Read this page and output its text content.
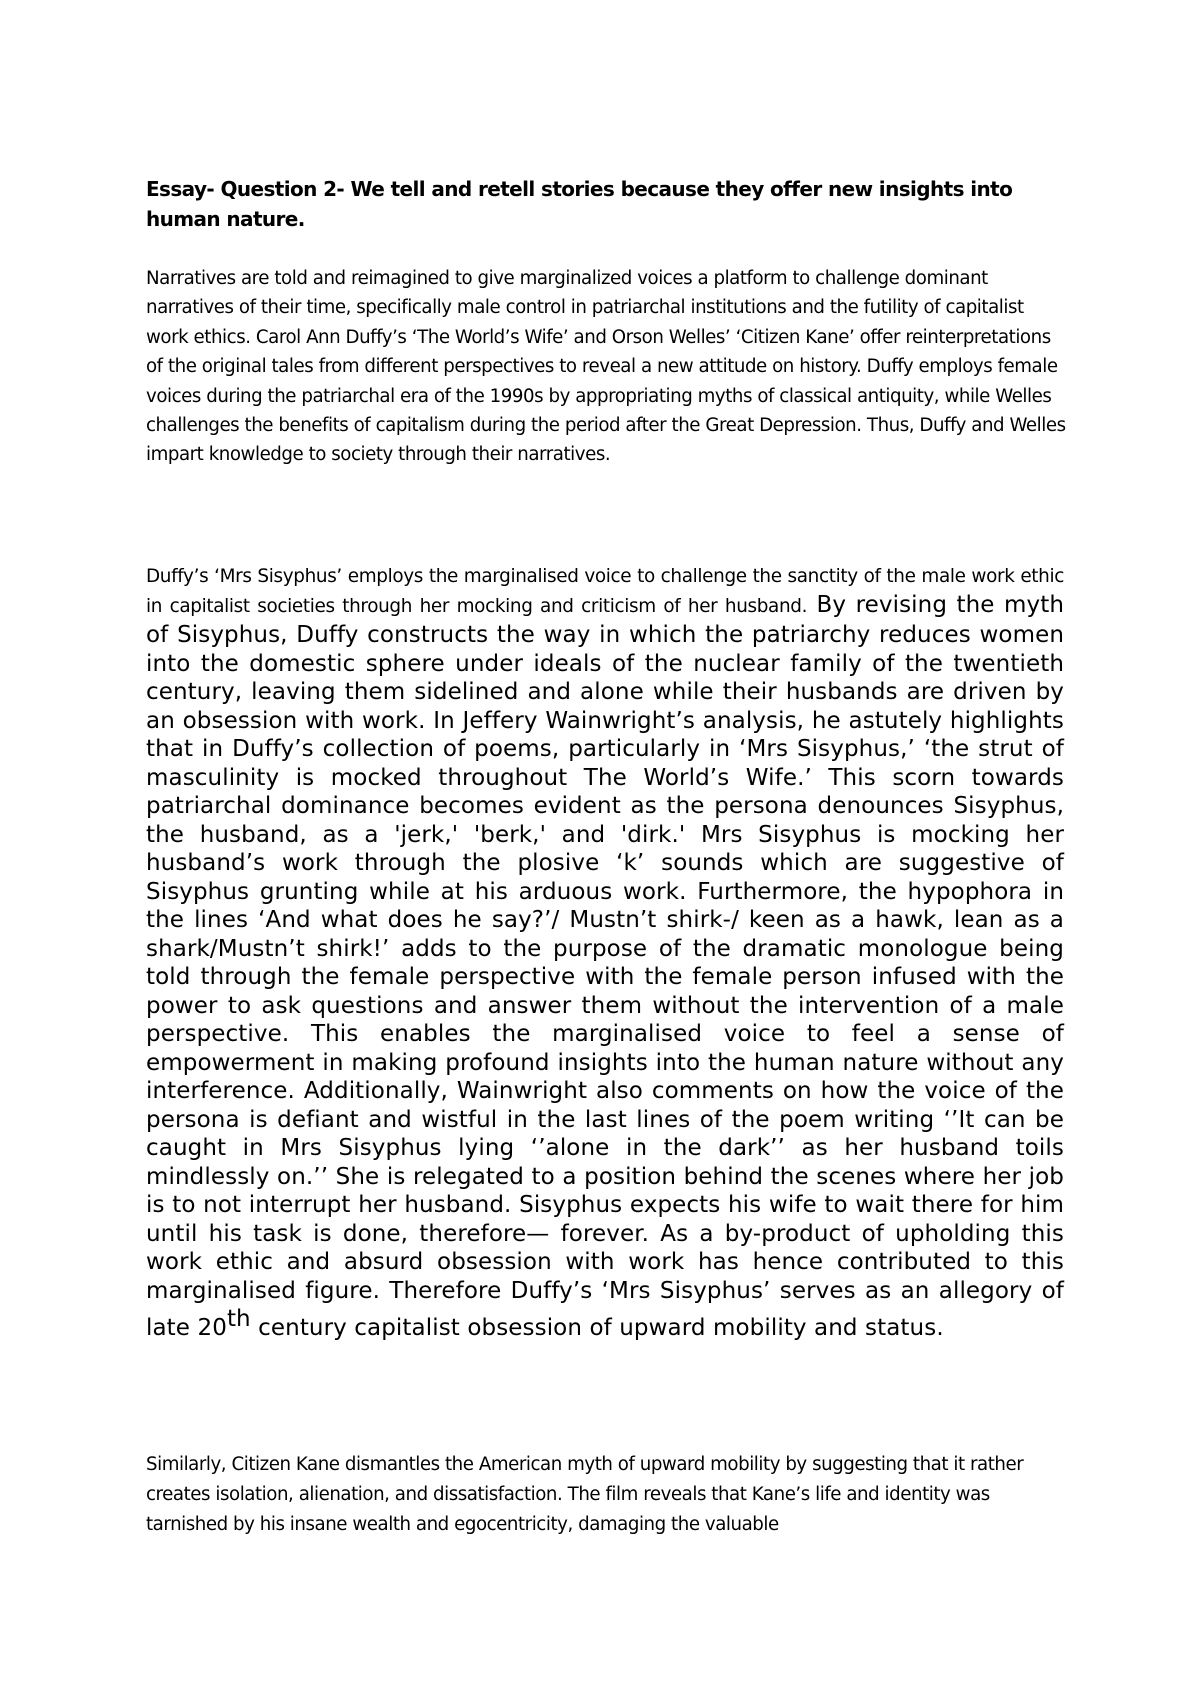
Essay- Question 2- We tell and retell stories because they offer new insights into human nature.

Narratives are told and reimagined to give marginalized voices a platform to challenge dominant narratives of their time, specifically male control in patriarchal institutions and the futility of capitalist work ethics. Carol Ann Duffy’s ‘The World’s Wife’ and Orson Welles’ ‘Citizen Kane’ offer reinterpretations of the original tales from different perspectives to reveal a new attitude on history. Duffy employs female voices during the patriarchal era of the 1990s by appropriating myths of classical antiquity, while Welles challenges the benefits of capitalism during the period after the Great Depression. Thus, Duffy and Welles impart knowledge to society through their narratives.

Duffy’s ‘Mrs Sisyphus’ employs the marginalised voice to challenge the sanctity of the male work ethic in capitalist societies through her mocking and criticism of her husband. By revising the myth of Sisyphus, Duffy constructs the way in which the patriarchy reduces women into the domestic sphere under ideals of the nuclear family of the twentieth century, leaving them sidelined and alone while their husbands are driven by an obsession with work. In Jeffery Wainwright’s analysis, he astutely highlights that in Duffy’s collection of poems, particularly in ‘Mrs Sisyphus,’ ‘the strut of masculinity is mocked throughout The World’s Wife.’ This scorn towards patriarchal dominance becomes evident as the persona denounces Sisyphus, the husband, as a 'jerk,' 'berk,' and 'dirk.' Mrs Sisyphus is mocking her husband’s work through the plosive ‘k’ sounds which are suggestive of Sisyphus grunting while at his arduous work. Furthermore, the hypophora in the lines ‘And what does he say?’/ Mustn’t shirk-/ keen as a hawk, lean as a shark/Mustn’t shirk!’ adds to the purpose of the dramatic monologue being told through the female perspective with the female person infused with the power to ask questions and answer them without the intervention of a male perspective. This enables the marginalised voice to feel a sense of empowerment in making profound insights into the human nature without any interference. Additionally, Wainwright also comments on how the voice of the persona is defiant and wistful in the last lines of the poem writing ‘’It can be caught in Mrs Sisyphus lying ‘’alone in the dark’’ as her husband toils mindlessly on.’’ She is relegated to a position behind the scenes where her job is to not interrupt her husband. Sisyphus expects his wife to wait there for him until his task is done, therefore— forever. As a by-product of upholding this work ethic and absurd obsession with work has hence contributed to this marginalised figure. Therefore Duffy’s ‘Mrs Sisyphus’ serves as an allegory of late 20th century capitalist obsession of upward mobility and status.

Similarly, Citizen Kane dismantles the American myth of upward mobility by suggesting that it rather creates isolation, alienation, and dissatisfaction. The film reveals that Kane’s life and identity was tarnished by his insane wealth and egocentricity, damaging the valuable
